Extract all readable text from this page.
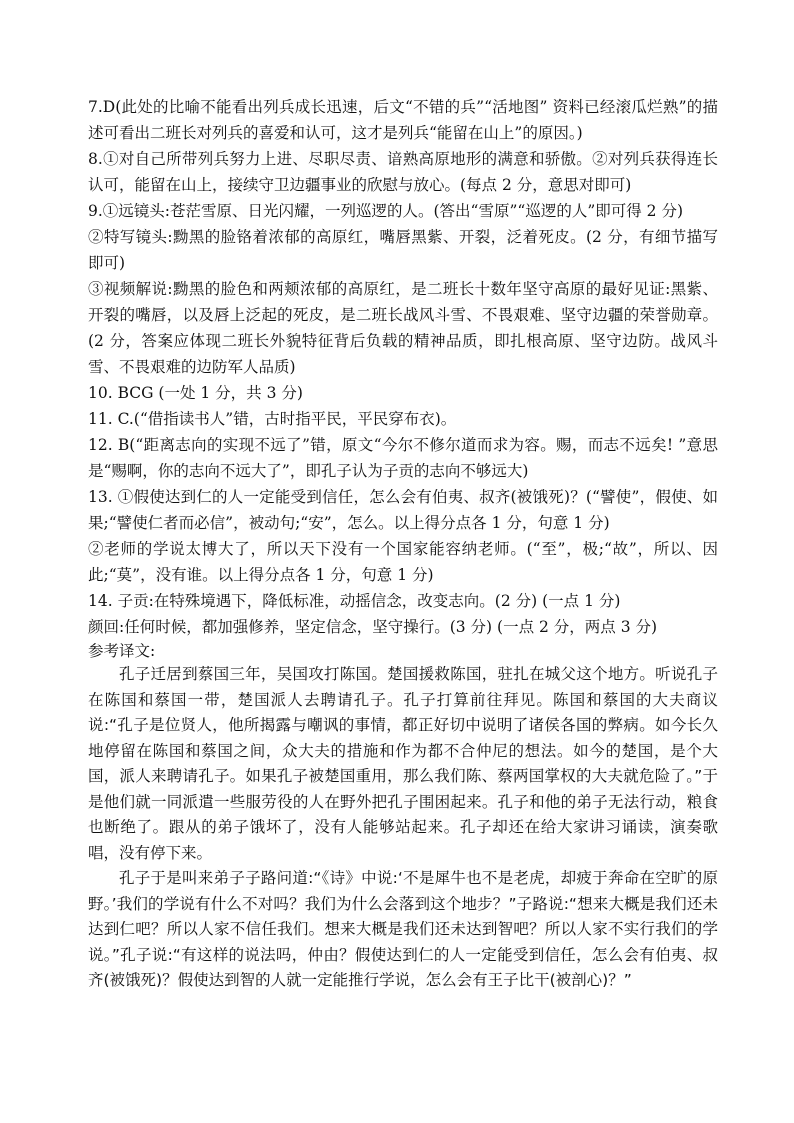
7.D(此处的比喻不能看出列兵成长迅速，后文“不错的兵”“活地图” 资料已经滚瓜烂熟”的描述可看出二班长对列兵的喜爱和认可，这才是列兵“能留在山上”的原因。)

8.①对自己所带列兵努力上进、尽职尽责、谙熟高原地形的满意和骄傲。②对列兵获得连长认可，能留在山上，接续守卫边疆事业的欣慰与放心。(每点 2 分，意思对即可)

9.①远镜头:苍茫雪原、日光闪耀，一列巡逻的人。(答出“雪原”“巡逻的人”即可得 2 分)

②特写镜头:黝黑的脸铬着浓郁的高原红，嘴唇黑紫、开裂，泛着死皮。(2 分，有细节描写即可)

③视频解说:黝黑的脸色和两颊浓郁的高原红，是二班长十数年坚守高原的最好见证:黑紫、开裂的嘴唇，以及唇上泛起的死皮，是二班长战风斗雪、不畏艰难、坚守边疆的荣誉勋章。(2 分，答案应体现二班长外貌特征背后负载的精神品质，即扎根高原、坚守边防。战风斗雪、不畏艰难的边防军人品质)

10. BCG (一处 1 分，共 3 分)

11. C.(“借指读书人”错，古时指平民，平民穿布衣)。

12. B(“距离志向的实现不远了”错，原文“今尔不修尔道而求为容。赐，而志不远矣! ”意思是“赐啊，你的志向不远大了”，即孔子认为子贡的志向不够远大)

13. ①假使达到仁的人一定能受到信任，怎么会有伯夷、叔齐(被饿死)？(“譬使”，假使、如果;“譬使仁者而必信”，被动句;“安”，怎么。以上得分点各 1 分，句意 1 分)

②老师的学说太博大了，所以天下没有一个国家能容纳老师。(“至”，极;“故”，所以、因此;“莫”，没有谁。以上得分点各 1 分，句意 1 分)

14. 子贡:在特殊境遇下，降低标准，动摇信念，改变志向。(2 分) (一点 1 分)

颜回:任何时候，都加强修养，坚定信念，坚守操行。(3 分) (一点 2 分，两点 3 分)

参考译文:

孔子迁居到蔡国三年，吴国攻打陈国。楚国援救陈国，驻扎在城父这个地方。听说孔子在陈国和蔡国一带，楚国派人去聘请孔子。孔子打算前往拜见。陈国和蔡国的大夫商议说:“孔子是位贤人，他所揭露与嘲讽的事情，都正好切中说明了诸侯各国的弊病。如今长久地停留在陈国和蔡国之间，众大夫的措施和作为都不合仲尼的想法。如今的楚国，是个大国，派人来聘请孔子。如果孔子被楚国重用，那么我们陈、蔡两国掌权的大夫就危险了。”于是他们就一同派遣一些服劳役的人在野外把孔子围困起来。孔子和他的弟子无法行动，粮食也断绝了。跟从的弟子饿坏了，没有人能够站起来。孔子却还在给大家讲习诵读，演奏歌唱，没有停下来。

孔子于是叫来弟子子路问道:“《诗》中说:‘不是犀牛也不是老虎，却疲于奔命在空旷的原野。’我们的学说有什么不对吗？我们为什么会落到这个地步？”子路说:“想来大概是我们还未达到仁吧？所以人家不信任我们。想来大概是我们还未达到智吧？所以人家不实行我们的学说。”孔子说:“有这样的说法吗，仲由？假使达到仁的人一定能受到信任，怎么会有伯夷、叔齐(被饿死)？假使达到智的人就一定能推行学说，怎么会有王子比干(被剖心)？”
